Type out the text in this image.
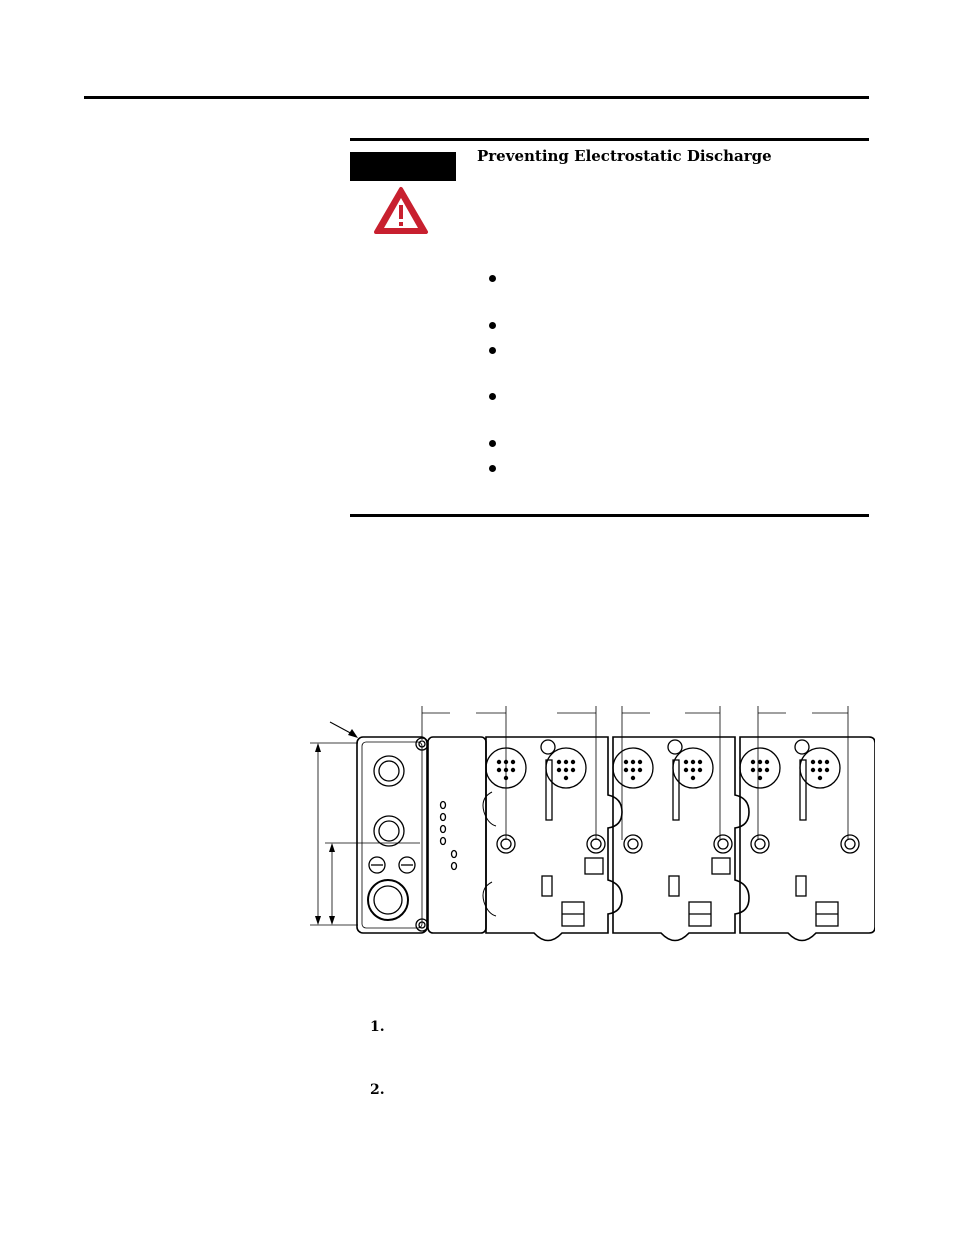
Preventing Electrostatic Discharge
1.
2.
